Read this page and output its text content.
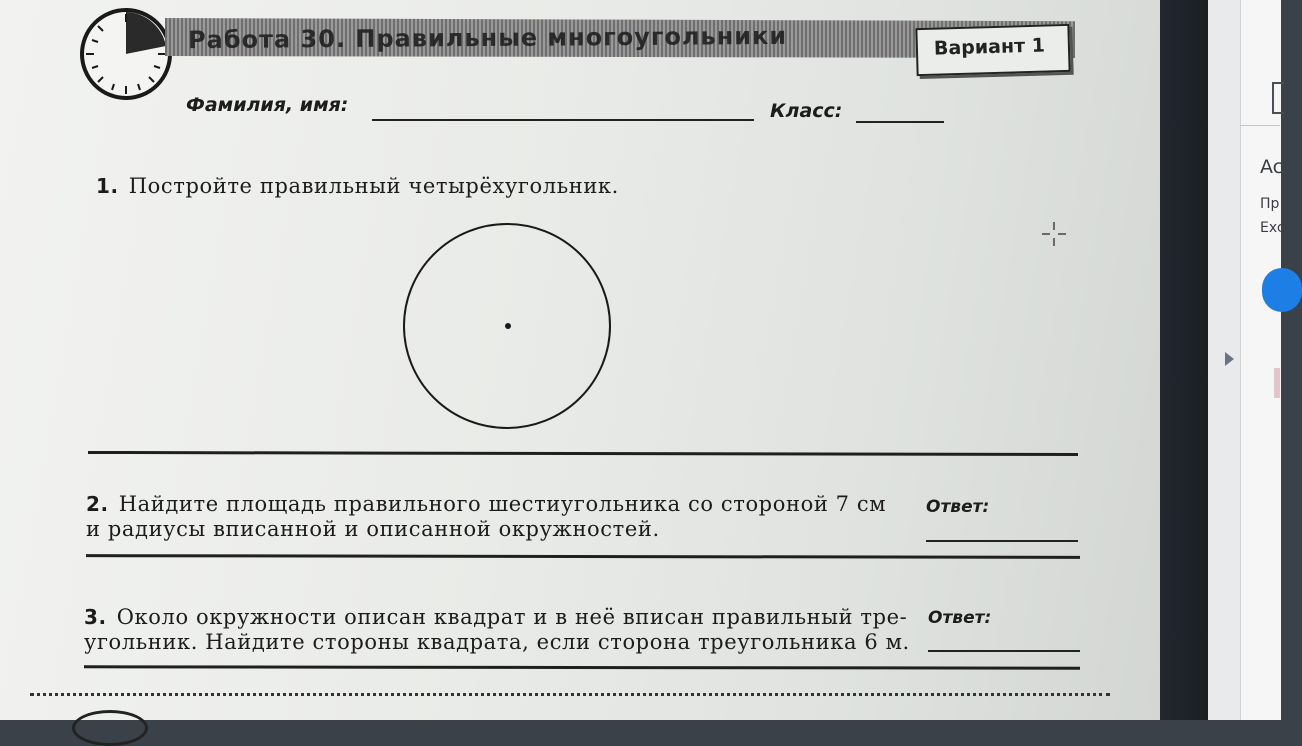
Работа 30. Правильные многоугольники	Вариант 1
Фамилия, имя:	Класс:
1. Постройте правильный четырёхугольник.
2. Найдите площадь правильного шестиугольника со стороной 7 см
и радиусы вписанной и описанной окружностей.
Ответ:
3. Около окружности описан квадрат и в неё вписан правильный тре-
угольник. Найдите стороны квадрата, если сторона треугольника 6 м.
Ответ:
Ac
Пр
Exc
